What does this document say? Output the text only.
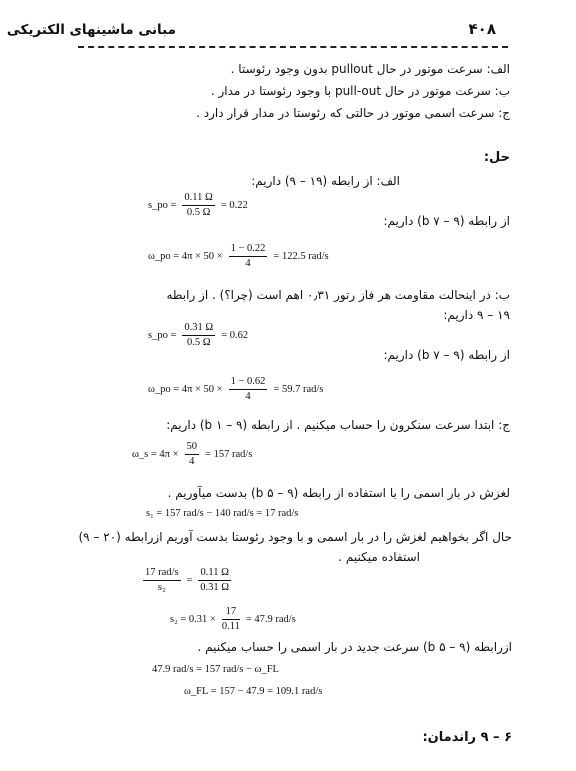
۴۰۸
مبانی ماشینهای الکتریکی
الف: سرعت موتور در حال pullout بدون وجود رئوستا .
ب: سرعت موتور در حال pull-out با وجود رئوستا در مدار .
ج: سرعت اسمی موتور در حالتی که رئوستا در مدار قرار دارد .
حل:
الف: از رابطه (۱۹ – ۹) داریم:
s_po = $\frac{0.11 \Omega}{0.5 \Omega} = 0.22$
از رابطه (b ۷ – ۹) داریم:
ω_po = $4\pi \times 50 \times \frac{1 - 0.22}{4} = 122.5$ rad/s
ب: در اینحالت مقاومت هر فاز رتور ۰٫۳۱ اهم است (چرا؟) . از رابطه
۱۹ – ۹ داریم:
s_po = $\frac{0.31 \Omega}{0.5 \Omega} = 0.62$
از رابطه (b ۷ – ۹) داریم:
ω_po = $4\pi \times 50 \times \frac{1 - 0.62}{4} = 59.7$ rad/s
ج: ابتدا سرعت سنکرون را حساب میکنیم . از رابطه (b ۱ – ۹) داریم:
ω_s = $4\pi \times \frac{50}{4} = 157$ rad/s
لغزش در بار اسمی را با استفاده از رابطه (b ۵ – ۹) بدست میآوریم .
s₁ = 157 rad/s − 140 rad/s = 17 rad/s
حال اگر بخواهیم لغزش را در بار اسمی و با وجود رئوستا بدست آوریم ازرابطه (۲۰ – ۹)
استفاده میکنیم .
$\frac{\text{17 rad/s}}{\text{s₂}} = \frac{0.11 \Omega}{0.31 \Omega}$
$s_2 = 0.31 \times \frac{17}{0.11} = 47.9$ rad/s
ازرابطه (b ۵ – ۹) سرعت جدید در بار اسمی را حساب میکنیم .
47.9 rad/s = 157 rad/s − ω_FL
ω_FL = 157 − 47.9 = 109.1 rad/s
۶ – ۹ راندمان:
